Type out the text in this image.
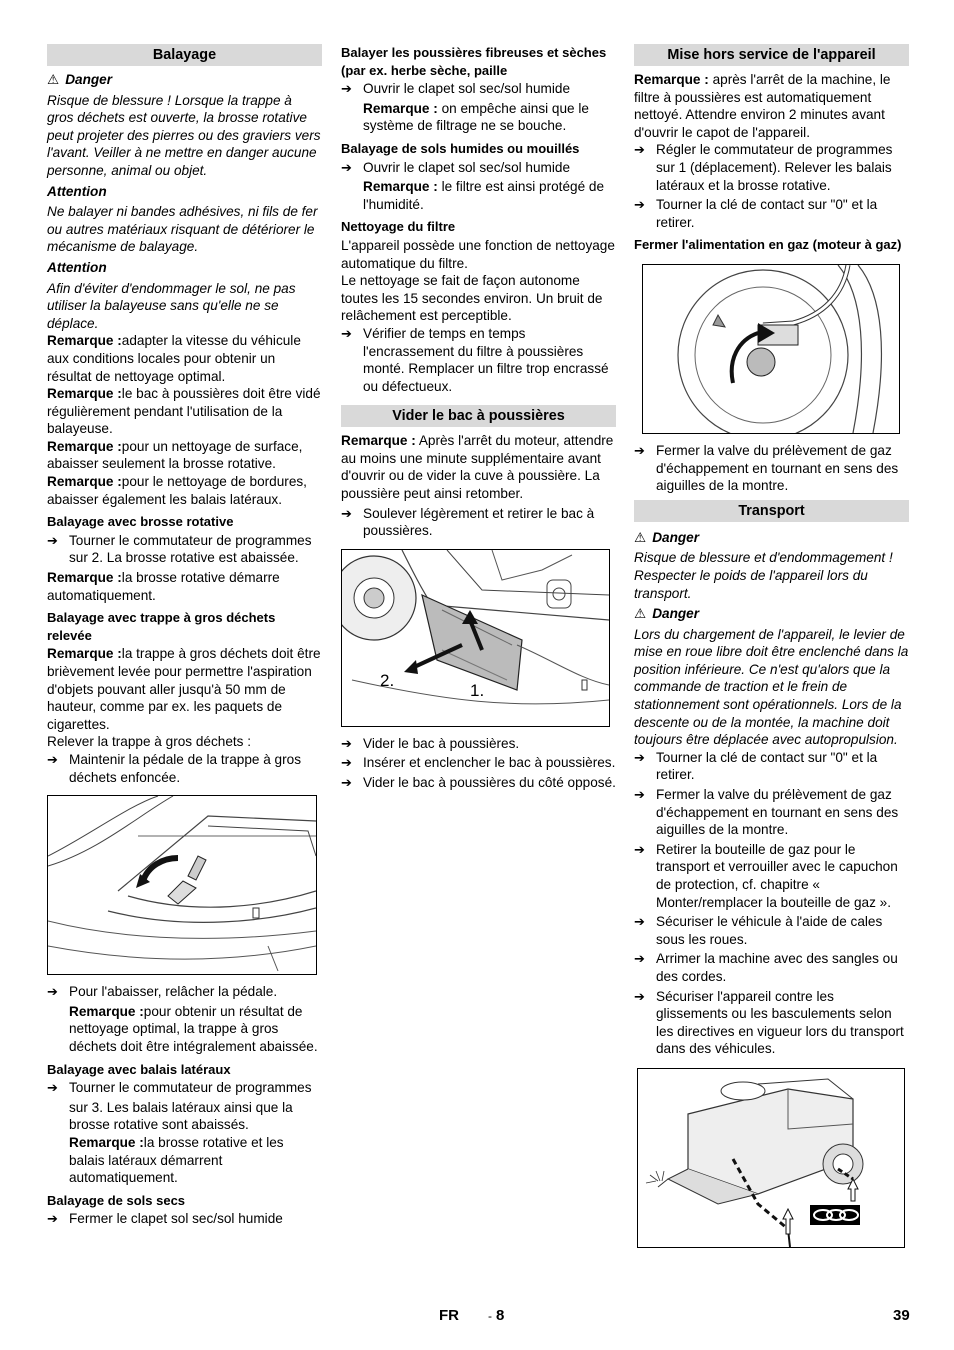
Balayage
⚠ Danger
Risque de blessure ! Lorsque la trappe à gros déchets est ouverte, la brosse rotative peut projeter des pierres ou des graviers vers l'avant. Veiller à ne mettre en danger aucune personne, animal ou objet.
Attention
Ne balayer ni bandes adhésives, ni fils de fer ou autres matériaux risquant de détériorer le mécanisme de balayage.
Attention
Afin d'éviter d'endommager le sol, ne pas utiliser la balayeuse sans qu'elle ne se déplace.
Remarque :adapter la vitesse du véhicule aux conditions locales pour obtenir un résultat de nettoyage optimal.
Remarque :le bac à poussières doit être vidé régulièrement pendant l'utilisation de la balayeuse.
Remarque :pour un nettoyage de surface, abaisser seulement la brosse rotative.
Remarque :pour le nettoyage de bordures, abaisser également les balais latéraux.
Balayage avec brosse rotative
➔
Tourner le commutateur de programmes sur 2. La brosse rotative est abaissée.
Remarque :la brosse rotative démarre automatiquement.
Balayage avec trappe à gros déchets relevée
Remarque :la trappe à gros déchets doit être brièvement levée pour permettre l'aspiration d'objets pouvant aller jusqu'à 50 mm de hauteur, comme par ex. les paquets de cigarettes.
Relever la trappe à gros déchets :
➔
Maintenir la pédale de la trappe à gros déchets enfoncée.
➔
Pour l'abaisser, relâcher la pédale.
Remarque :pour obtenir un résultat de nettoyage optimal, la trappe à gros déchets doit être intégralement abaissée.
Balayage avec balais latéraux
➔
Tourner le commutateur de programmes
sur 3. Les balais latéraux ainsi que la brosse rotative sont abaissés.
Remarque :la brosse rotative et les balais latéraux démarrent automatiquement.
Balayage de sols secs
➔
Fermer le clapet sol sec/sol humide
Balayer les poussières fibreuses et sèches (par ex. herbe sèche, paille
➔
Ouvrir le clapet sol sec/sol humide
Remarque : on empêche ainsi que le système de filtrage ne se bouche.
Balayage de sols humides ou mouillés
➔
Ouvrir le clapet sol sec/sol humide
Remarque : le filtre est ainsi protégé de l'humidité.
Nettoyage du filtre
L'appareil possède une fonction de nettoyage automatique du filtre.
Le nettoyage se fait de façon autonome toutes les 15 secondes environ. Un bruit de relâchement est perceptible.
➔
Vérifier de temps en temps l'encrassement du filtre à poussières monté. Remplacer un filtre trop encrassé ou défectueux.
Vider le bac à poussières
Remarque : Après l'arrêt du moteur, attendre au moins une minute supplémentaire avant d'ouvrir ou de vider la cuve à poussière. La poussière peut ainsi retomber.
➔
Soulever légèrement et retirer le bac à poussières.
1.
2.
➔
Vider le bac à poussières.
➔
Insérer et enclencher le bac à poussières.
➔
Vider le bac à poussières du côté opposé.
Mise hors service de l'appareil
Remarque : après l'arrêt de la machine, le filtre à poussières est automatiquement nettoyé. Attendre environ 2 minutes avant d'ouvrir le capot de l'appareil.
➔
Régler le commutateur de programmes sur 1 (déplacement). Relever les balais latéraux et la brosse rotative.
➔
Tourner la clé de contact sur "0" et la retirer.
Fermer l'alimentation en gaz (moteur à gaz)
➔
Fermer la valve du prélèvement de gaz d'échappement en tournant en sens des aiguilles de la montre.
Transport
⚠ Danger
Risque de blessure et d'endommagement ! Respecter le poids de l'appareil lors du transport.
⚠ Danger
Lors du chargement de l'appareil, le levier de mise en roue libre doit être enclenché dans la position inférieure. Ce n'est qu'alors que la commande de traction et le frein de stationnement sont opérationnels. Lors de la descente ou de la montée, la machine doit toujours être déplacée avec autopropulsion.
➔
Tourner la clé de contact sur "0" et la retirer.
➔
Fermer la valve du prélèvement de gaz d'échappement en tournant en sens des aiguilles de la montre.
➔
Retirer la bouteille de gaz pour le transport et verrouiller avec le capuchon de protection, cf. chapitre « Monter/remplacer la bouteille de gaz ».
➔
Sécuriser le véhicule à l'aide de cales sous les roues.
➔
Arrimer la machine avec des sangles ou des cordes.
➔
Sécuriser l'appareil contre les glissements ou les basculements selon les directives en vigueur lors du transport dans des véhicules.
FR - 8	39
